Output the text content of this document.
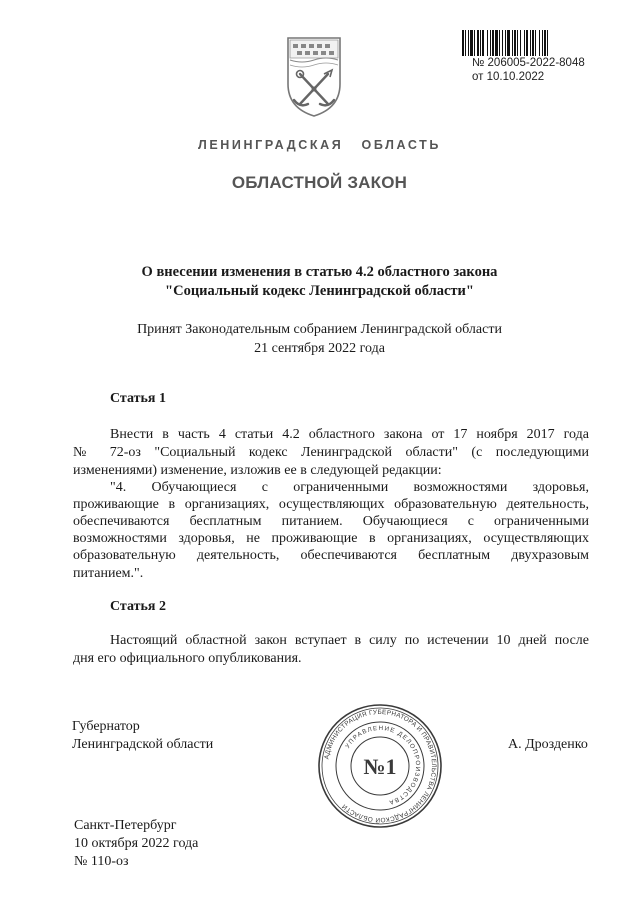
№ 206005-2022-8048
от 10.10.2022
ЛЕНИНГРАДСКАЯ   ОБЛАСТЬ
ОБЛАСТНОЙ ЗАКОН
О внесении изменения в статью 4.2 областного закона
"Социальный кодекс Ленинградской области"
Принят Законодательным собранием Ленинградской области
21 сентября 2022 года
Статья 1
Внести в часть 4 статьи 4.2 областного закона от 17 ноября 2017 года
№ 72-оз "Социальный кодекс Ленинградской области" (с последующими
изменениями) изменение, изложив ее в следующей редакции:
"4. Обучающиеся с ограниченными возможностями здоровья,
проживающие в организациях, осуществляющих образовательную деятельность,
обеспечиваются бесплатным питанием. Обучающиеся с ограниченными
возможностями здоровья, не проживающие в организациях, осуществляющих
образовательную деятельность, обеспечиваются бесплатным двухразовым
питанием.".
Статья 2
Настоящий областной закон вступает в силу по истечении 10 дней после
дня его официального опубликования.
Губернатор
Ленинградской области	А. Дрозденко
АДМИНИСТРАЦИЯ ГУБЕРНАТОРА И ПРАВИТЕЛЬСТВА ЛЕНИНГРАДСКОЙ ОБЛАСТИ
УПРАВЛЕНИЕ ДЕЛОПРОИЗВОДСТВА
№1
Санкт-Петербург
10 октября 2022 года
№ 110-оз
